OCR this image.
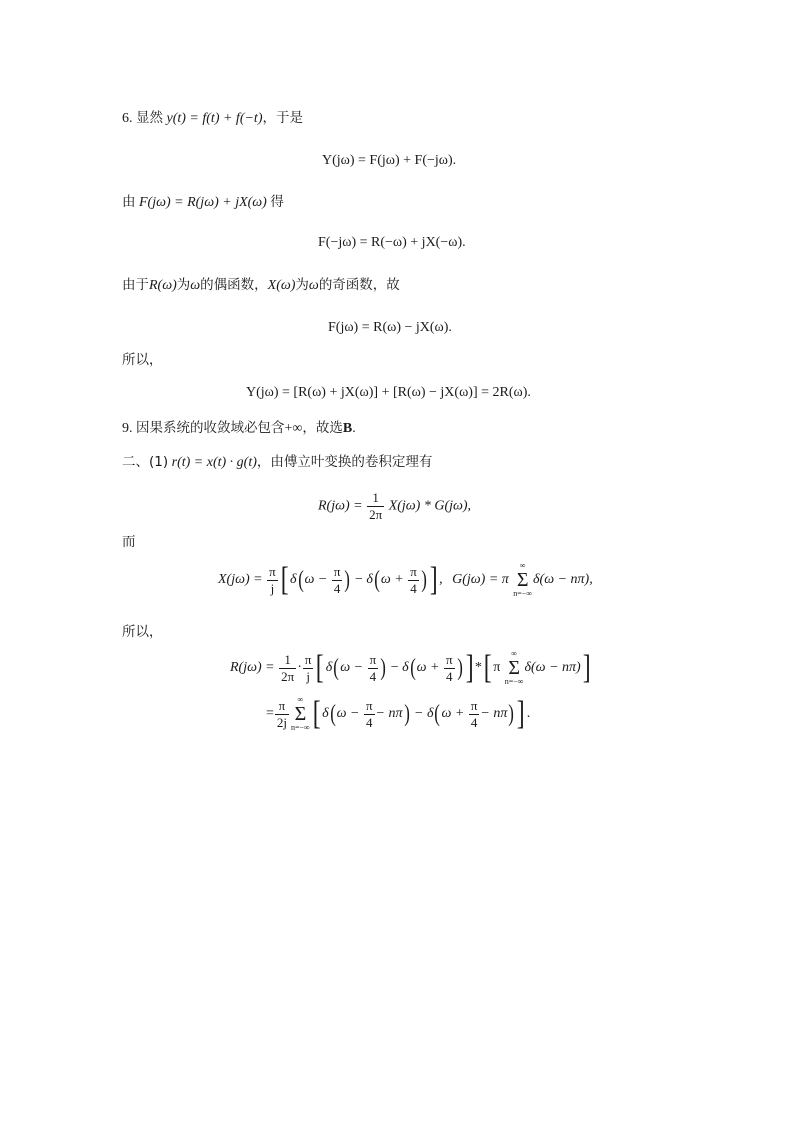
6. 显然 y(t) = f(t) + f(−t)，于是
Y(jω) = F(jω) + F(−jω).
由 F(jω) = R(jω) + jX(ω) 得
F(−jω) = R(−ω) + jX(−ω).
由于R(ω)为ω的偶函数，X(ω)为ω的奇函数，故
F(jω) = R(ω) − jX(ω).
所以，
Y(jω) = [R(ω) + jX(ω)] + [R(ω) − jX(ω)] = 2R(ω).
9. 因果系统的收敛域必包含+∞，故选B.
二、(1) r(t) = x(t) · g(t)，由傅立叶变换的卷积定理有
$R(j\omega) = \frac{1}{2\pi} X(j\omega) * G(j\omega)$,
而
$X(j\omega) = \frac{\pi}{j}$ [ $\delta(\omega - \frac{\pi}{4}$ ) − $\delta(\omega + \frac{\pi}{4}$ )] , G(jω) = π
∞
Σ
n=−∞
δ(ω − nπ),
所以，
$R(j\omega) = \frac{1}{2\pi} \cdot \frac{\pi}{j}$ [ $\delta(\omega - \frac{\pi}{4}$ ) − $\delta(\omega + \frac{\pi}{4}$ )] *[ π
∞
Σ
n=−∞
δ(ω − nπ)]
= $\frac{\pi}{2j}$	∞
Σ
n=−∞ [ $\delta(\omega - \frac{\pi}{4} - n\pi) - \delta(\omega + \frac{\pi}{4} - n\pi)$] .
